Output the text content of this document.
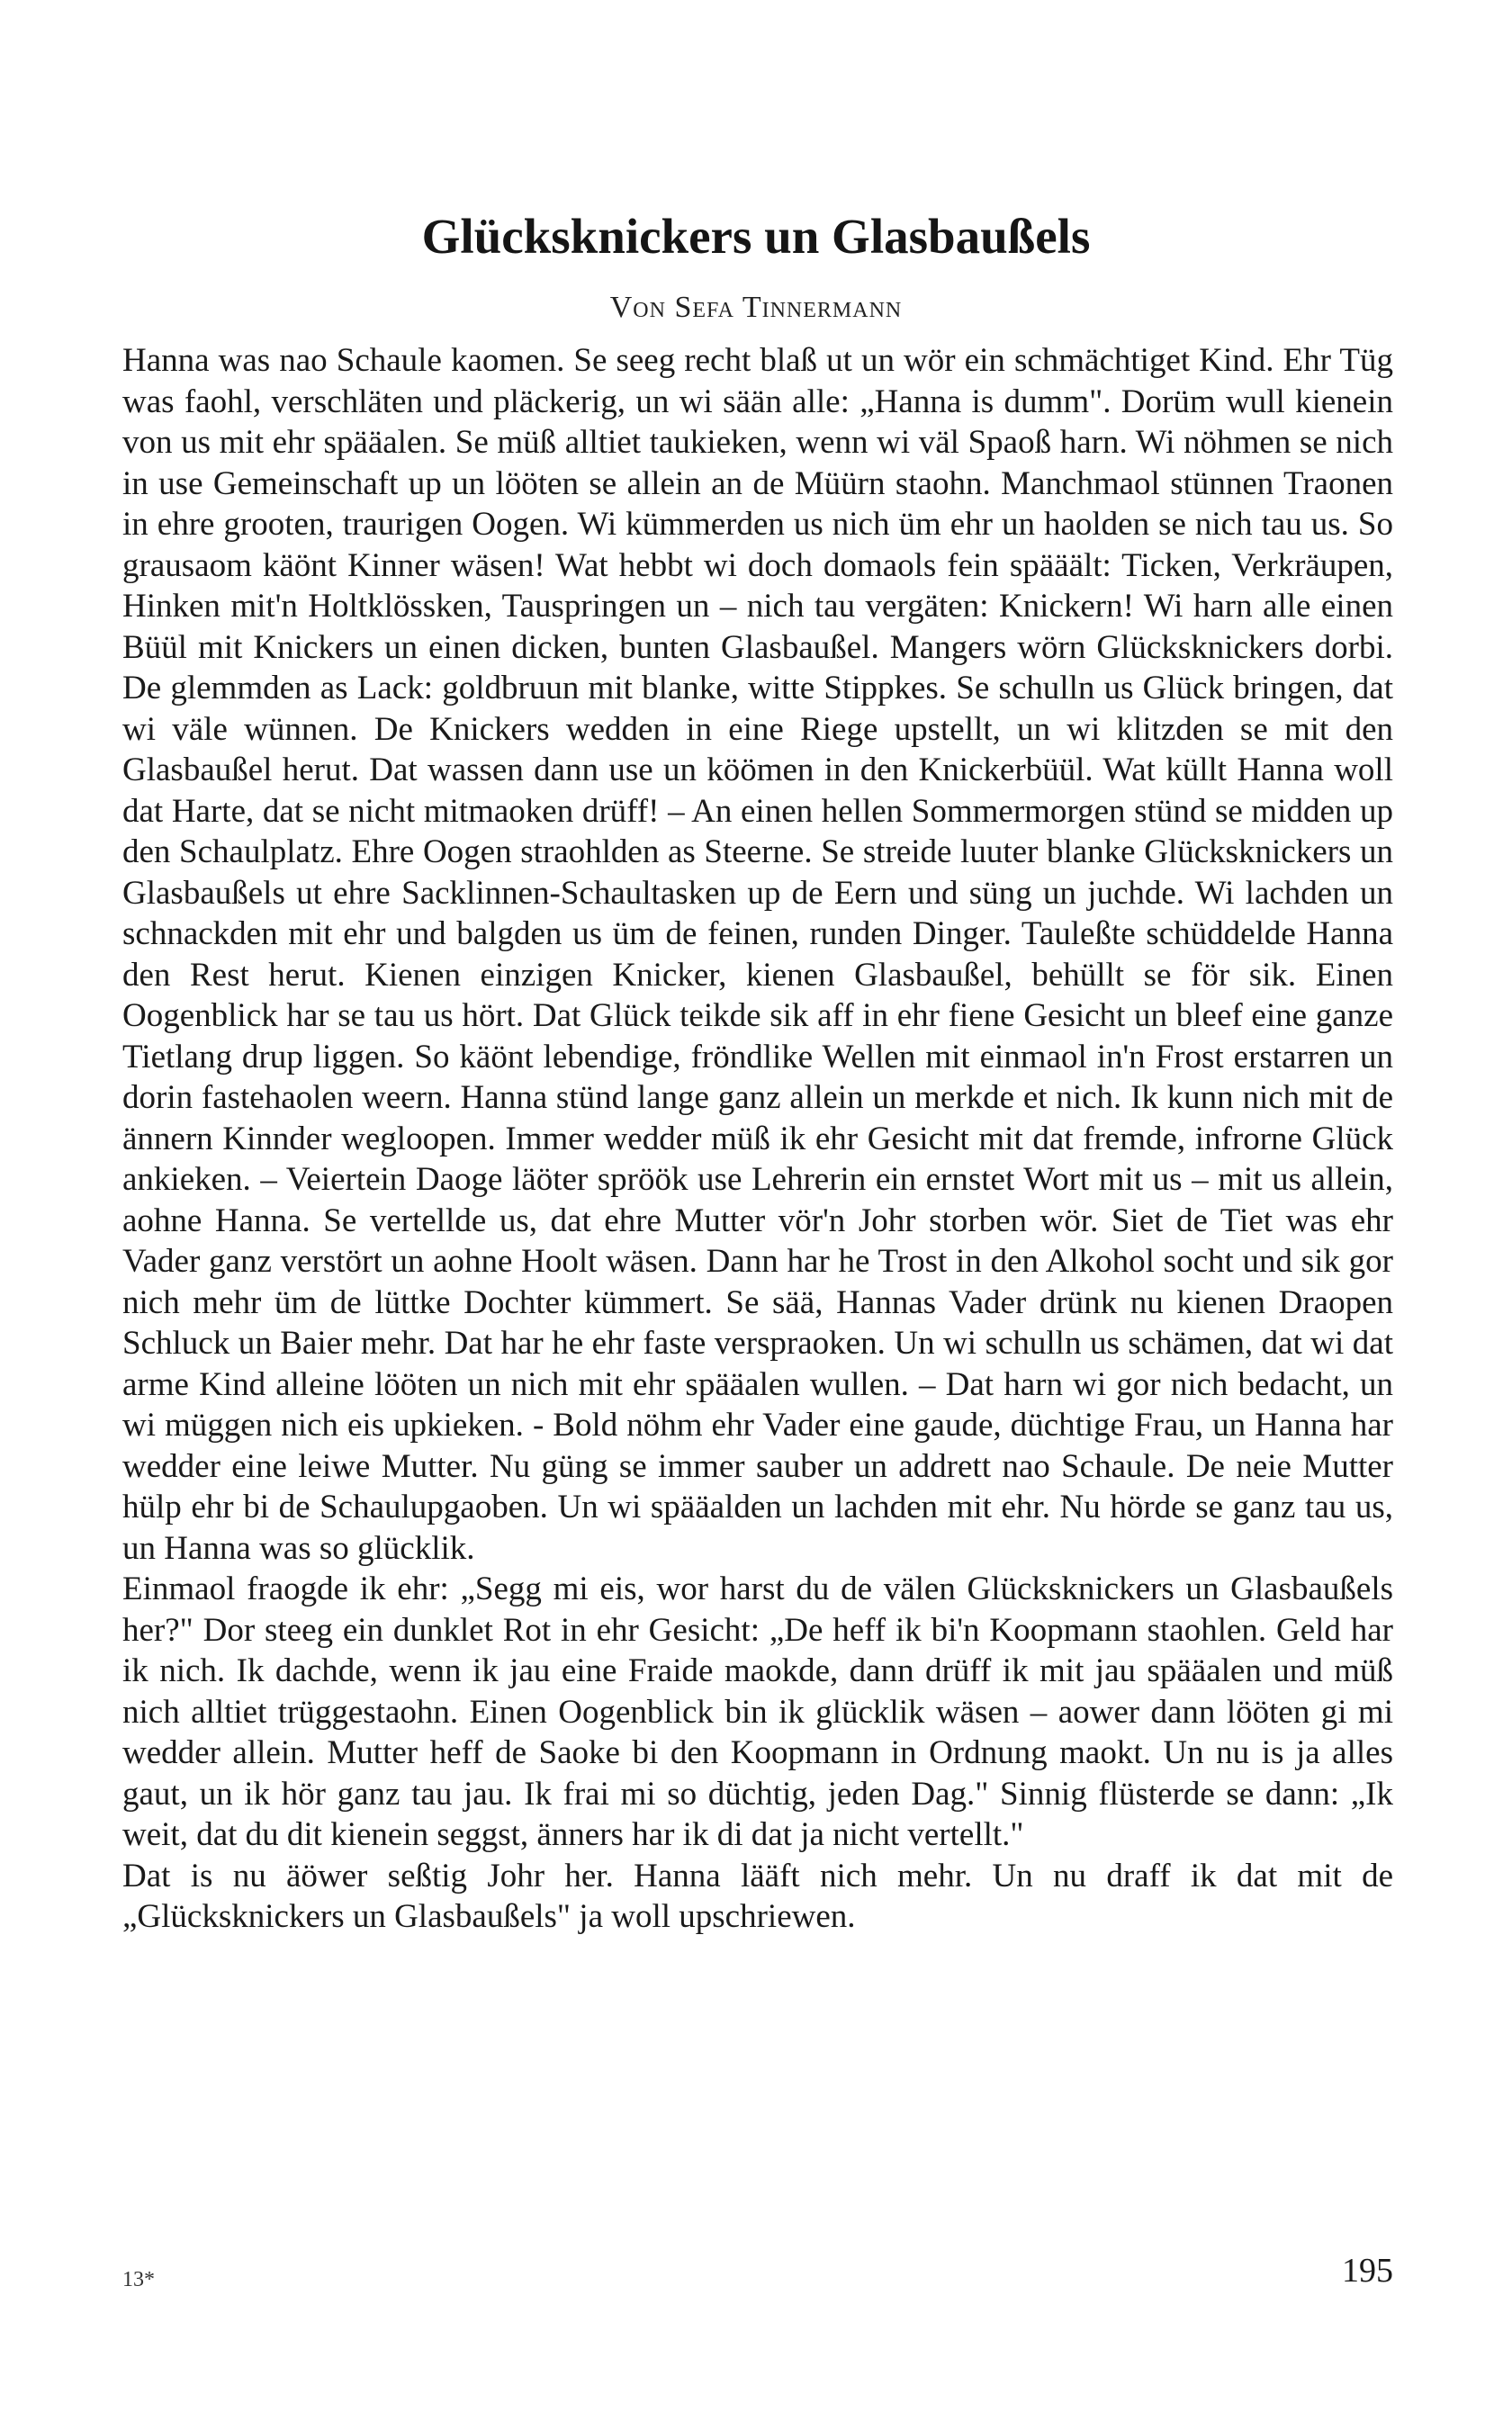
Glücksknickers un Glasbaußels
Von Sefa Tinnermann

Hanna was nao Schaule kaomen. Se seeg recht blaß ut un wör ein schmächtiget Kind. Ehr Tüg was faohl, verschläten und pläckerig, un wi sään alle: „Hanna is dumm". Dorüm wull kienein von us mit ehr spääalen. Se müß alltiet taukieken, wenn wi väl Spaoß harn. Wi nöhmen se nich in use Gemeinschaft up un lööten se allein an de Müürn staohn. Manchmaol stünnen Traonen in ehre grooten, traurigen Oogen. Wi kümmerden us nich üm ehr un haolden se nich tau us. So grausaom käönt Kinner wäsen! Wat hebbt wi doch domaols fein spääält: Ticken, Verkräupen, Hinken mit'n Holtklössken, Tauspringen un – nich tau vergäten: Knickern! Wi harn alle einen Büül mit Knickers un einen dicken, bunten Glasbaußel. Mangers wörn Glücksknickers dorbi. De glemmden as Lack: goldbruun mit blanke, witte Stippkes. Se schulln us Glück bringen, dat wi väle wünnen. De Knickers wedden in eine Riege upstellt, un wi klitzden se mit den Glasbaußel herut. Dat wassen dann use un köömen in den Knickerbüül. Wat küllt Hanna woll dat Harte, dat se nicht mitmaoken drüff! – An einen hellen Sommermorgen stünd se midden up den Schaulplatz. Ehre Oogen straohlden as Steerne. Se streide luuter blanke Glücksknickers un Glasbaußels ut ehre Sacklinnen-Schaultasken up de Eern und süng un juchde. Wi lachden un schnackden mit ehr und balgden us üm de feinen, runden Dinger. Tauleßte schüddelde Hanna den Rest herut. Kienen einzigen Knicker, kienen Glasbaußel, behüllt se för sik. Einen Oogenblick har se tau us hört. Dat Glück teikde sik aff in ehr fiene Gesicht un bleef eine ganze Tietlang drup liggen. So käönt lebendige, fröndlike Wellen mit einmaol in'n Frost erstarren un dorin fastehaolen weern. Hanna stünd lange ganz allein un merkde et nich. Ik kunn nich mit de ännern Kinnder wegloopen. Immer wedder müß ik ehr Gesicht mit dat fremde, infrorne Glück ankieken. – Veiertein Daoge läöter spröök use Lehrerin ein ernstet Wort mit us – mit us allein, aohne Hanna. Se vertellde us, dat ehre Mutter vör'n Johr storben wör. Siet de Tiet was ehr Vader ganz verstört un aohne Hoolt wäsen. Dann har he Trost in den Alkohol socht und sik gor nich mehr üm de lüttke Dochter kümmert. Se sää, Hannas Vader drünk nu kienen Draopen Schluck un Baier mehr. Dat har he ehr faste verspraoken. Un wi schulln us schämen, dat wi dat arme Kind alleine lööten un nich mit ehr spääalen wullen. – Dat harn wi gor nich bedacht, un wi müggen nich eis upkieken. - Bold nöhm ehr Vader eine gaude, düchtige Frau, un Hanna har wedder eine leiwe Mutter. Nu güng se immer sauber un addrett nao Schaule. De neie Mutter hülp ehr bi de Schaulupgaoben. Un wi spääalden un lachden mit ehr. Nu hörde se ganz tau us, un Hanna was so glücklik.

Einmaol fraogde ik ehr: „Segg mi eis, wor harst du de välen Glücksknickers un Glasbaußels her?" Dor steeg ein dunklet Rot in ehr Gesicht: „De heff ik bi'n Koopmann staohlen. Geld har ik nich. Ik dachde, wenn ik jau eine Fraide maokde, dann drüff ik mit jau spääalen und müß nich alltiet trüggestaohn. Einen Oogenblick bin ik glücklik wäsen – aower dann lööten gi mi wedder allein. Mutter heff de Saoke bi den Koopmann in Ordnung maokt. Un nu is ja alles gaut, un ik hör ganz tau jau. Ik frai mi so düchtig, jeden Dag." Sinnig flüsterde se dann: „Ik weit, dat du dit kienein seggst, änners har ik di dat ja nicht vertellt."

Dat is nu äöwer seßtig Johr her. Hanna lääft nich mehr. Un nu draff ik dat mit de „Glücksknickers un Glasbaußels" ja woll upschriewen.

13*	195
